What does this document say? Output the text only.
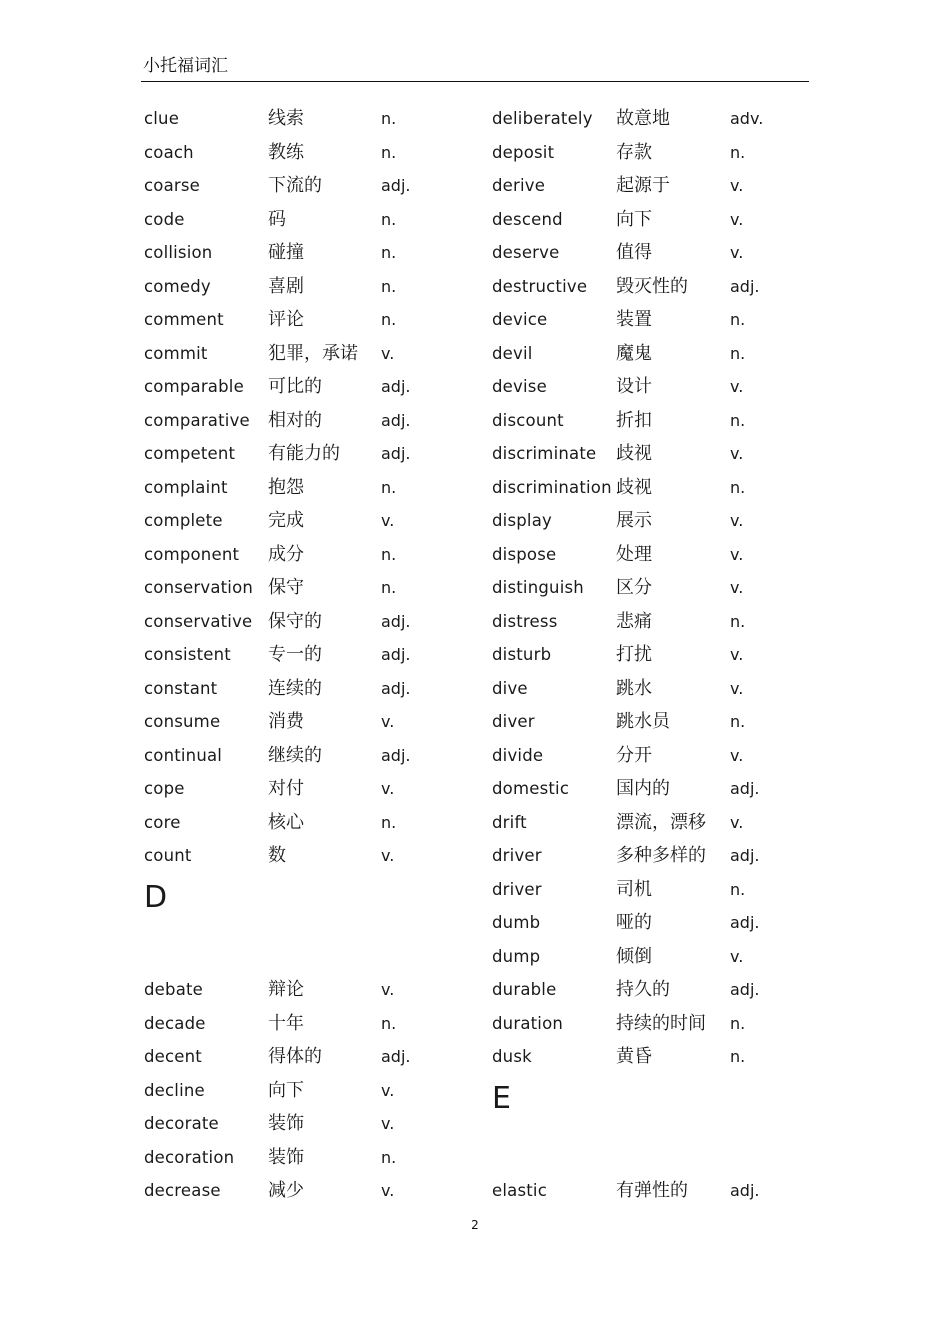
小托福词汇
clue	线索	n.
coach	教练	n.
coarse	下流的	adj.
code	码	n.
collision	碰撞	n.
comedy	喜剧	n.
comment 评论	n.
commit	犯罪，承诺 v.
comparable 可比的	adj.
comparative 相对的	adj.
competent 有能力的	adj.
complaint 抱怨	n.
complete	完成	v.
component 成分	n.
conservation 保守	n.
conservative 保守的	adj.
consistent 专一的	adj.
constant	连续的	adj.
consume	消费	v.
continual	继续的	adj.
cope	对付	v.
core	核心	n.
count	数	v.
D
debate	辩论	v.
decade	十年	n.
decent	得体的	adj.
decline	向下	v.
decorate	装饰	v.
decoration 装饰	n.
decrease	减少	v.
deliberately 故意地	adv.
deposit	存款	n.
derive	起源于	v.
descend	向下	v.
deserve	值得	v.
destructive 毁灭性的	adj.
device	装置	n.
devil	魔鬼	n.
devise	设计	v.
discount	折扣	n.
discriminate 歧视	v.
discrimination 歧视	n.
display	展示	v.
dispose	处理	v.
distinguish 区分	v.
distress	悲痛	n.
disturb	打扰	v.
dive	跳水	v.
diver	跳水员	n.
divide	分开	v.
domestic	国内的	adj.
drift	漂流，漂移 v.
driver	多种多样的 adj.
driver	司机	n.
dumb	哑的	adj.
dump	倾倒	v.
durable	持久的	adj.
duration	持续的时间 n.
dusk	黄昏	n.
E
elastic	有弹性的	adj.
2
